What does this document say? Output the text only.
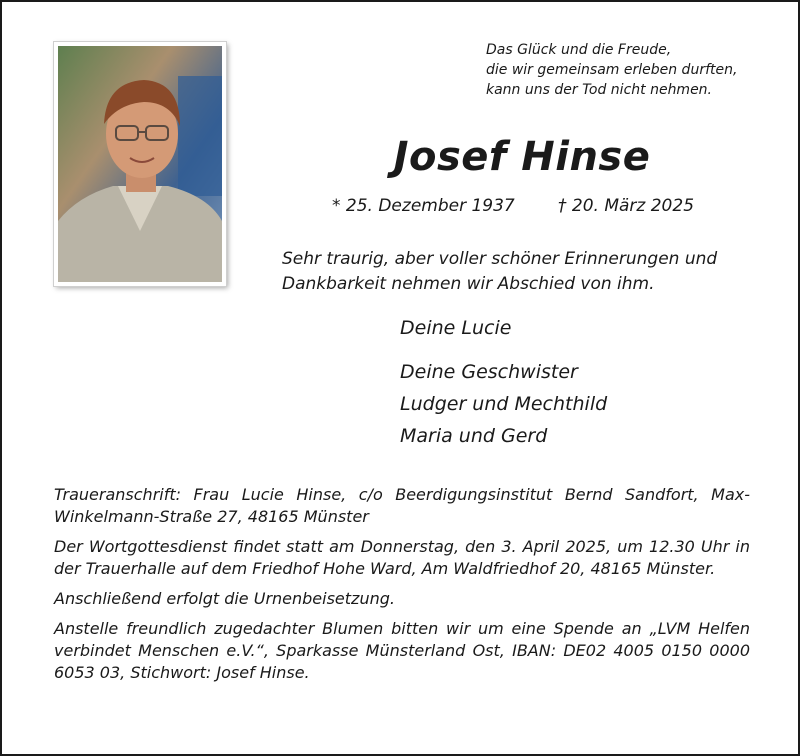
Das Glück und die Freude,
die wir gemeinsam erleben durften,
kann uns der Tod nicht nehmen.
Josef Hinse
* 25. Dezember 1937	† 20. März 2025
Sehr traurig, aber voller schöner Erinnerungen und Dankbarkeit nehmen wir Abschied von ihm.
Deine Lucie
Deine Geschwister
Ludger und Mechthild
Maria und Gerd

Traueranschrift: Frau Lucie Hinse, c/o Beerdigungsinstitut Bernd Sandfort, Max-Winkelmann-Straße 27, 48165 Münster

Der Wortgottesdienst findet statt am Donnerstag, den 3. April 2025, um 12.30 Uhr in der Trauerhalle auf dem Friedhof Hohe Ward, Am Waldfriedhof 20, 48165 Münster.

Anschließend erfolgt die Urnenbeisetzung.

Anstelle freundlich zugedachter Blumen bitten wir um eine Spende an „LVM Helfen verbindet Menschen e.V.“, Sparkasse Münsterland Ost, IBAN: DE02 4005 0150 0000 6053 03, Stichwort: Josef Hinse.
